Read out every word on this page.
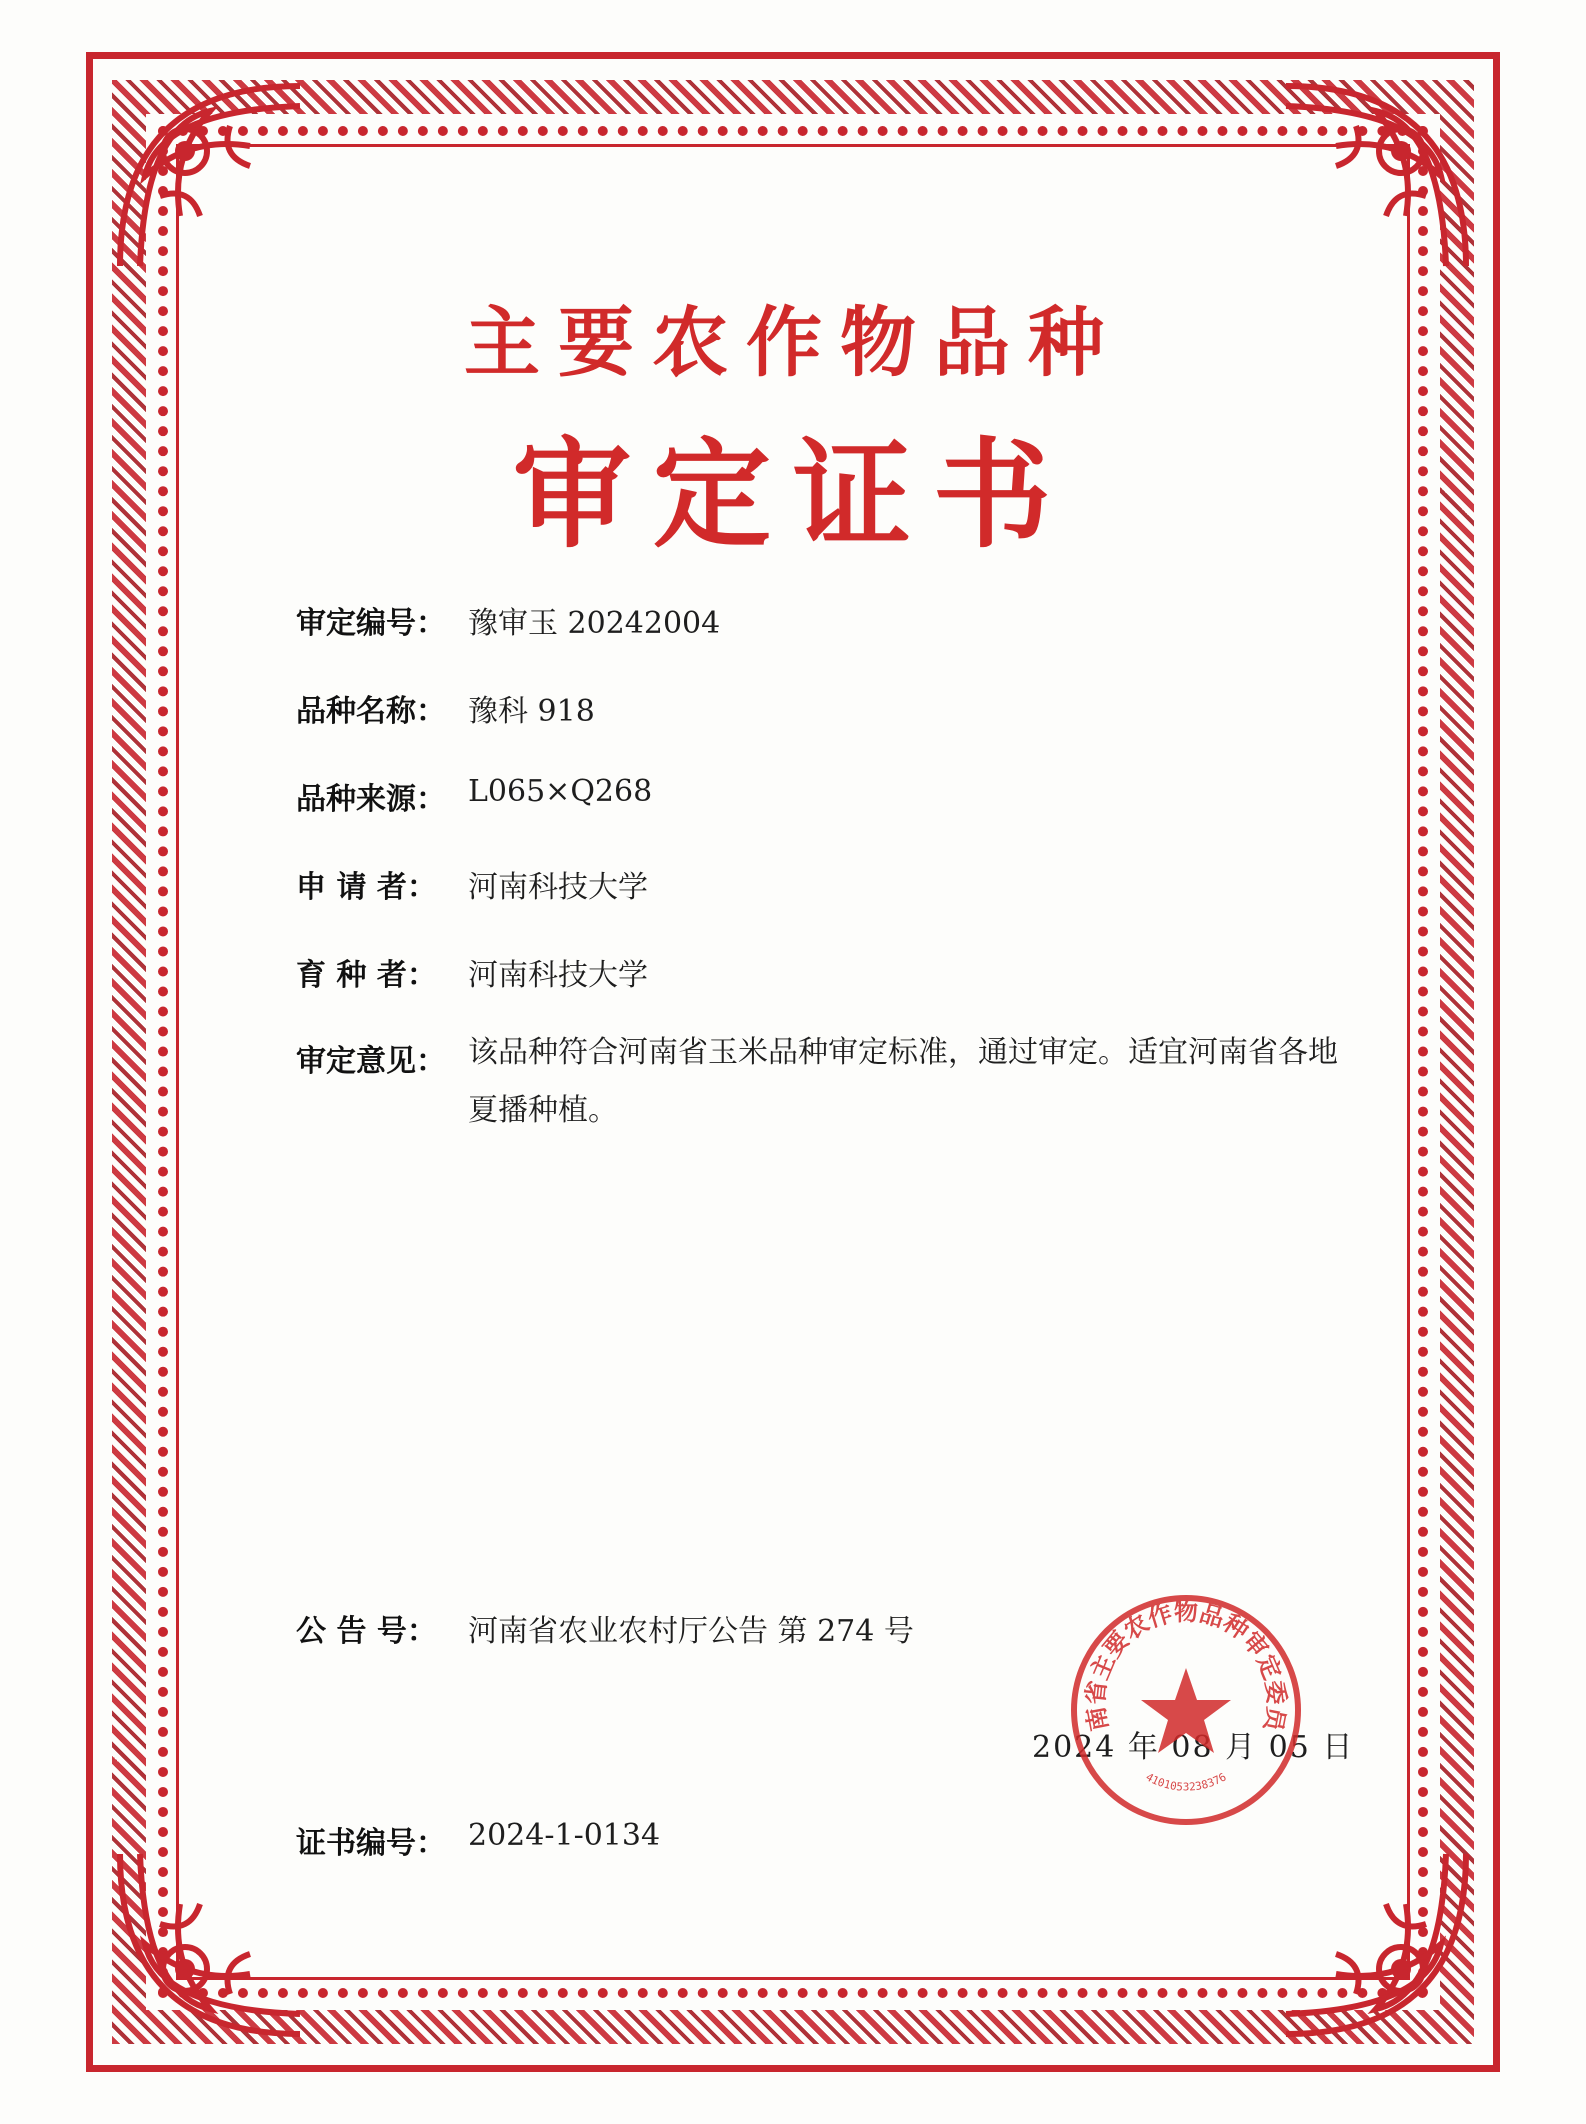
主要农作物品种
审定证书
审定编号： 豫审玉 20242004
品种名称： 豫科 918
品种来源： L065×Q268
申 请 者： 河南科技大学
育 种 者： 河南科技大学
审定意见： 该品种符合河南省玉米品种审定标准，通过审定。适宜河南省各地夏播种植。
公 告 号： 河南省农业农村厅公告 第 274 号
2024 年 08 月 05 日
南省主要农作物品种审定委员
4101053238376
证书编号： 2024-1-0134
